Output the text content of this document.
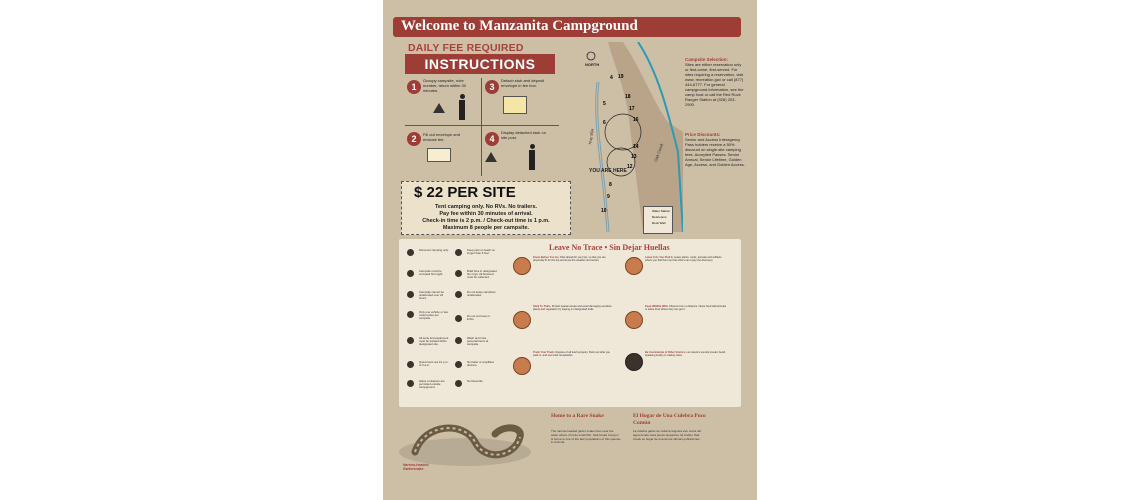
Welcome to Manzanita Campground
DAILY FEE REQUIRED
INSTRUCTIONS
1
Occupy campsite, note number, return within 30 minutes.	3
Detach stub and deposit envelope in fee box.
2	Fill out envelope and enclose fee.	4
Display detached stub on site post.
$ 22 PER SITE
Tent camping only. No RVs. No trailers.
Pay fee within 30 minutes of arrival.
Check-in time is 2 p.m. / Check-out time is 1 p.m.
Maximum 8 people per campsite.
NORTH
YOU ARE HERE
Hwy 89A
Oak Creek
4 19
5
17
18
6	16
14
13
12
8
9
10	Water Station
Restrooms
Rock Wall
Campsite Selection:
Sites are either reservation only or first-come, first-served. For sites requiring a reservation, visit www. recreation.gov or call (877) 444-6777. For general campground information, see the camp host or call the Red Rock Ranger Station at (928) 203-2900.
Price Discounts:
Senior and Access Interagency Pass holders receive a 50% discount on single-site camping fees. Accepted Passes: Senior Annual, Senior Lifetime, Golden Age, Access, and Golden Access.
Leave No Trace • Sin Dejar Huellas
Dismount camping only.
Campsite must be occupied first night.
Campsite cannot be unattended over 24 hours.
Only one vehicle or two motorcycles per campsite.
All tents and equipment must be located within designated site.
Quiet hours are 10 p.m. to 6 a.m.
Glass containers are permitted outside campground.
Keep pets on leash no longer than 6 feet.
Build fires in designated fire rings. All firewood must be collected.
Do not leave campfires unattended.
Do not cut trees or limbs.
Wash and rinse personal items at campsite.
No trailer or amplified devices.
No fireworks.
Know Before You Go. Plan ahead for your trip, so that you are physically fit for the trip and know the weather and terrain.
Stick To Trails. Protect riparian areas and avoid damaging sensitive plants and vegetation by staying on designated trails.
Trash Your Trash. Dispose of all trash properly. Pack out what you pack in, and use trash receptacles.
Leave It As You Find It. Leave plants, rocks, animals and artifacts where you find them so that others can enjoy the discovery.
Keep Wildlife Wild. Observe from a distance. Never feed wild animals or leave food where they can get it.
Be Considerate of Other Visitors. Let nature's sounds prevail. Avoid speaking loudly or making noise.
Narrow-headed Gartersnake
Home to a Rare Snake
The narrow-headed garter snake lives near the water where it hunts small fish. Oak Creek Canyon is home to one of the last populations of this species in Arizona.
El Hogar de Una Culebra Poco Común
La culebra garter de cabeza angosta vive cerca del agua donde caza peces pequeños. El Cañón Oak Creek es hogar de una de las últimas poblaciones.
